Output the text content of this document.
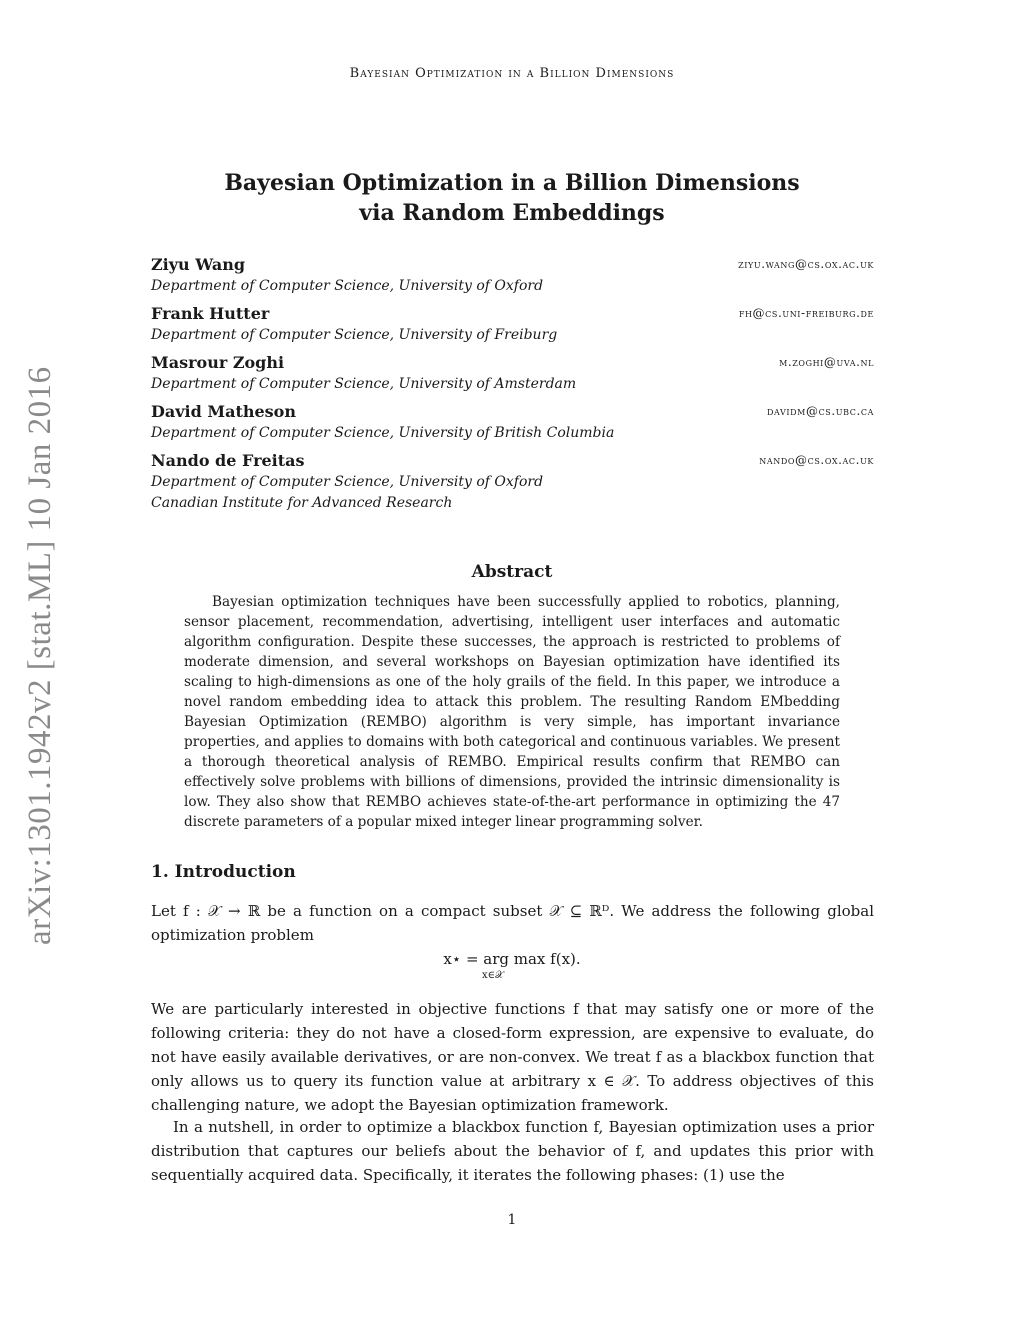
Bayesian Optimization in a Billion Dimensions
arXiv:1301.1942v2 [stat.ML] 10 Jan 2016
Bayesian Optimization in a Billion Dimensions
via Random Embeddings
Ziyu Wang	ziyu.wang@cs.ox.ac.uk
Department of Computer Science, University of Oxford
Frank Hutter	fh@cs.uni-freiburg.de
Department of Computer Science, University of Freiburg
Masrour Zoghi	m.zoghi@uva.nl
Department of Computer Science, University of Amsterdam
David Matheson	davidm@cs.ubc.ca
Department of Computer Science, University of British Columbia
Nando de Freitas	nando@cs.ox.ac.uk
Department of Computer Science, University of Oxford
Canadian Institute for Advanced Research
Abstract
Bayesian optimization techniques have been successfully applied to robotics, planning, sensor placement, recommendation, advertising, intelligent user interfaces and automatic algorithm configuration. Despite these successes, the approach is restricted to problems of moderate dimension, and several workshops on Bayesian optimization have identified its scaling to high-dimensions as one of the holy grails of the field. In this paper, we introduce a novel random embedding idea to attack this problem. The resulting Random EMbedding Bayesian Optimization (REMBO) algorithm is very simple, has important invariance properties, and applies to domains with both categorical and continuous variables. We present a thorough theoretical analysis of REMBO. Empirical results confirm that REMBO can effectively solve problems with billions of dimensions, provided the intrinsic dimensionality is low. They also show that REMBO achieves state-of-the-art performance in optimizing the 47 discrete parameters of a popular mixed integer linear programming solver.
1. Introduction
Let f : 𝒳 → ℝ be a function on a compact subset 𝒳 ⊆ ℝᴰ. We address the following global optimization problem
x⋆ = arg max f(x).
x∈𝒳
We are particularly interested in objective functions f that may satisfy one or more of the following criteria: they do not have a closed-form expression, are expensive to evaluate, do not have easily available derivatives, or are non-convex. We treat f as a blackbox function that only allows us to query its function value at arbitrary x ∈ 𝒳. To address objectives of this challenging nature, we adopt the Bayesian optimization framework.
In a nutshell, in order to optimize a blackbox function f, Bayesian optimization uses a prior distribution that captures our beliefs about the behavior of f, and updates this prior with sequentially acquired data. Specifically, it iterates the following phases: (1) use the
1
